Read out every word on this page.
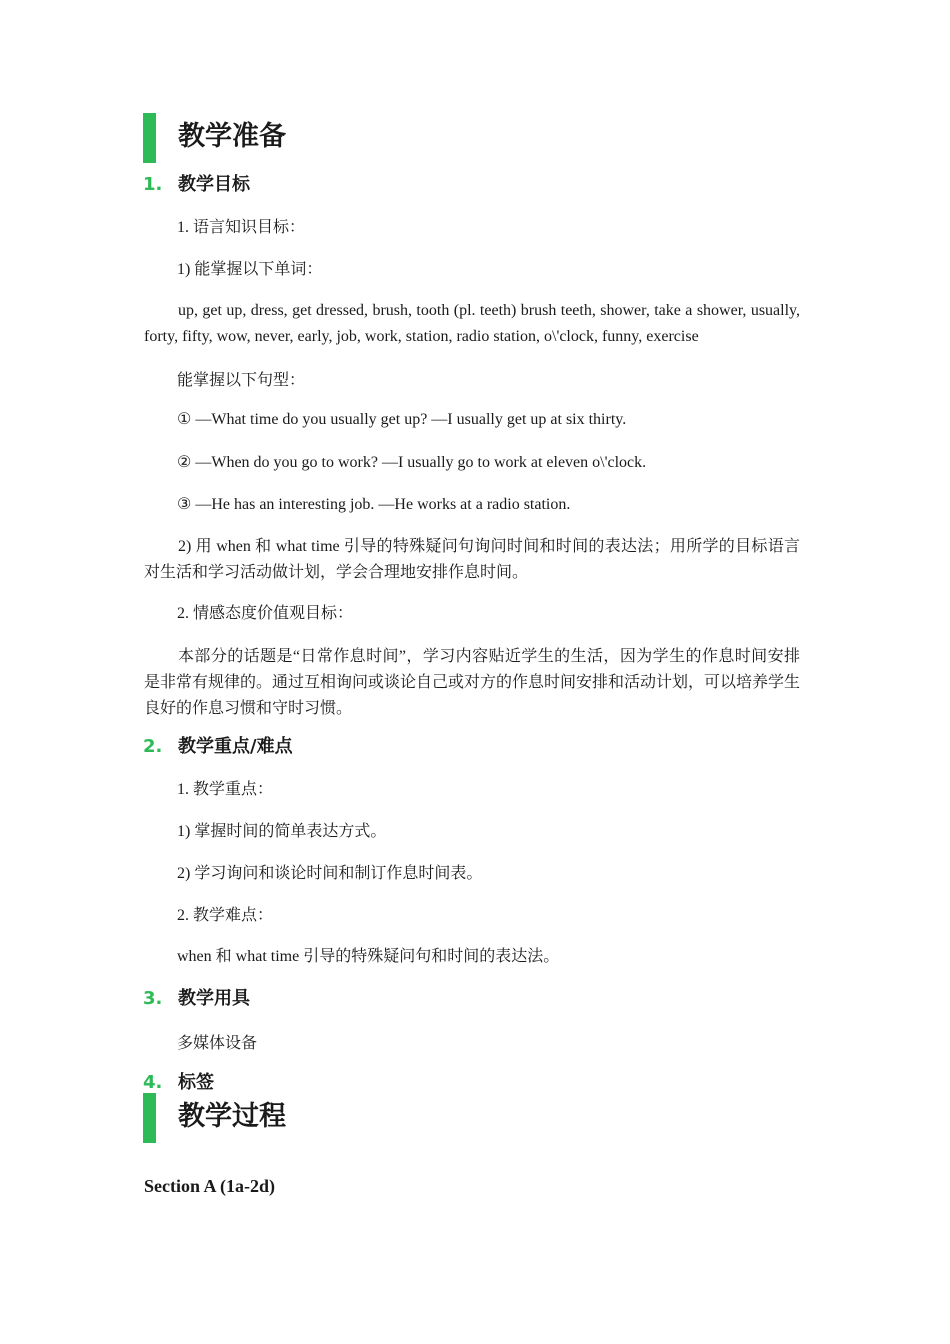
教学准备
1. 教学目标
1. 语言知识目标：
1) 能掌握以下单词：
up, get up, dress, get dressed, brush, tooth (pl. teeth) brush teeth, shower, take a shower, usually, forty, fifty, wow, never, early, job, work, station, radio station, o\'clock, funny, exercise
能掌握以下句型：
① —What time do you usually get up? —I usually get up at six thirty.
② —When do you go to work? —I usually go to work at eleven o\'clock.
③ —He has an interesting job. —He works at a radio station.
2) 用 when 和 what time 引导的特殊疑问句询问时间和时间的表达法；用所学的目标语言对生活和学习活动做计划，学会合理地安排作息时间。
2. 情感态度价值观目标：
本部分的话题是“日常作息时间”，学习内容贴近学生的生活，因为学生的作息时间安排是非常有规律的。通过互相询问或谈论自己或对方的作息时间安排和活动计划，可以培养学生良好的作息习惯和守时习惯。
2. 教学重点/难点
1. 教学重点：
1) 掌握时间的简单表达方式。
2) 学习询问和谈论时间和制订作息时间表。
2. 教学难点：
when 和 what time 引导的特殊疑问句和时间的表达法。
3. 教学用具
多媒体设备
4. 标签
教学过程
Section A (1a-2d)
